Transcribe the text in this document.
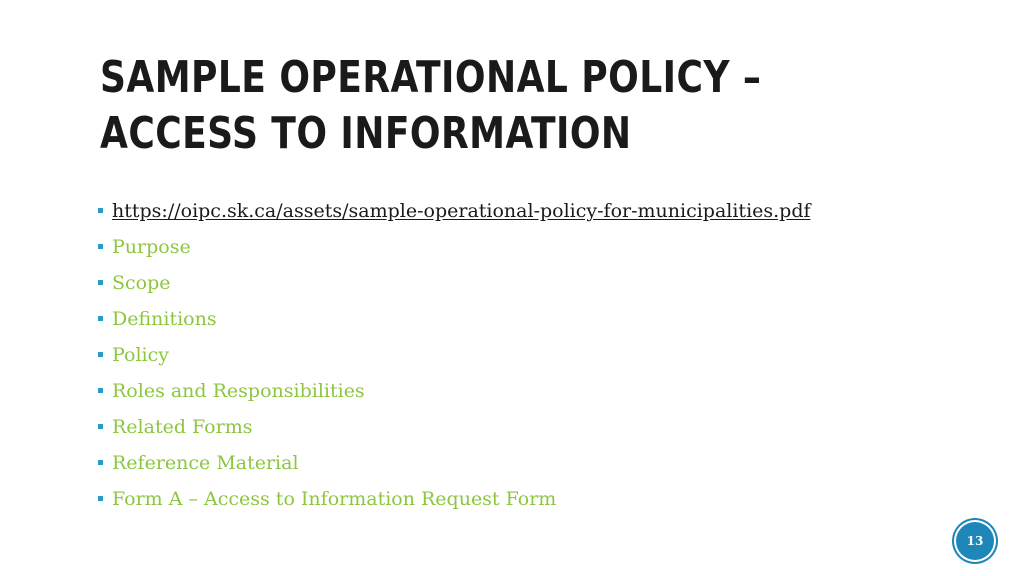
SAMPLE OPERATIONAL POLICY – ACCESS TO INFORMATION
https://oipc.sk.ca/assets/sample-operational-policy-for-municipalities.pdf
Purpose
Scope
Definitions
Policy
Roles and Responsibilities
Related Forms
Reference Material
Form A – Access to Information Request Form
13
